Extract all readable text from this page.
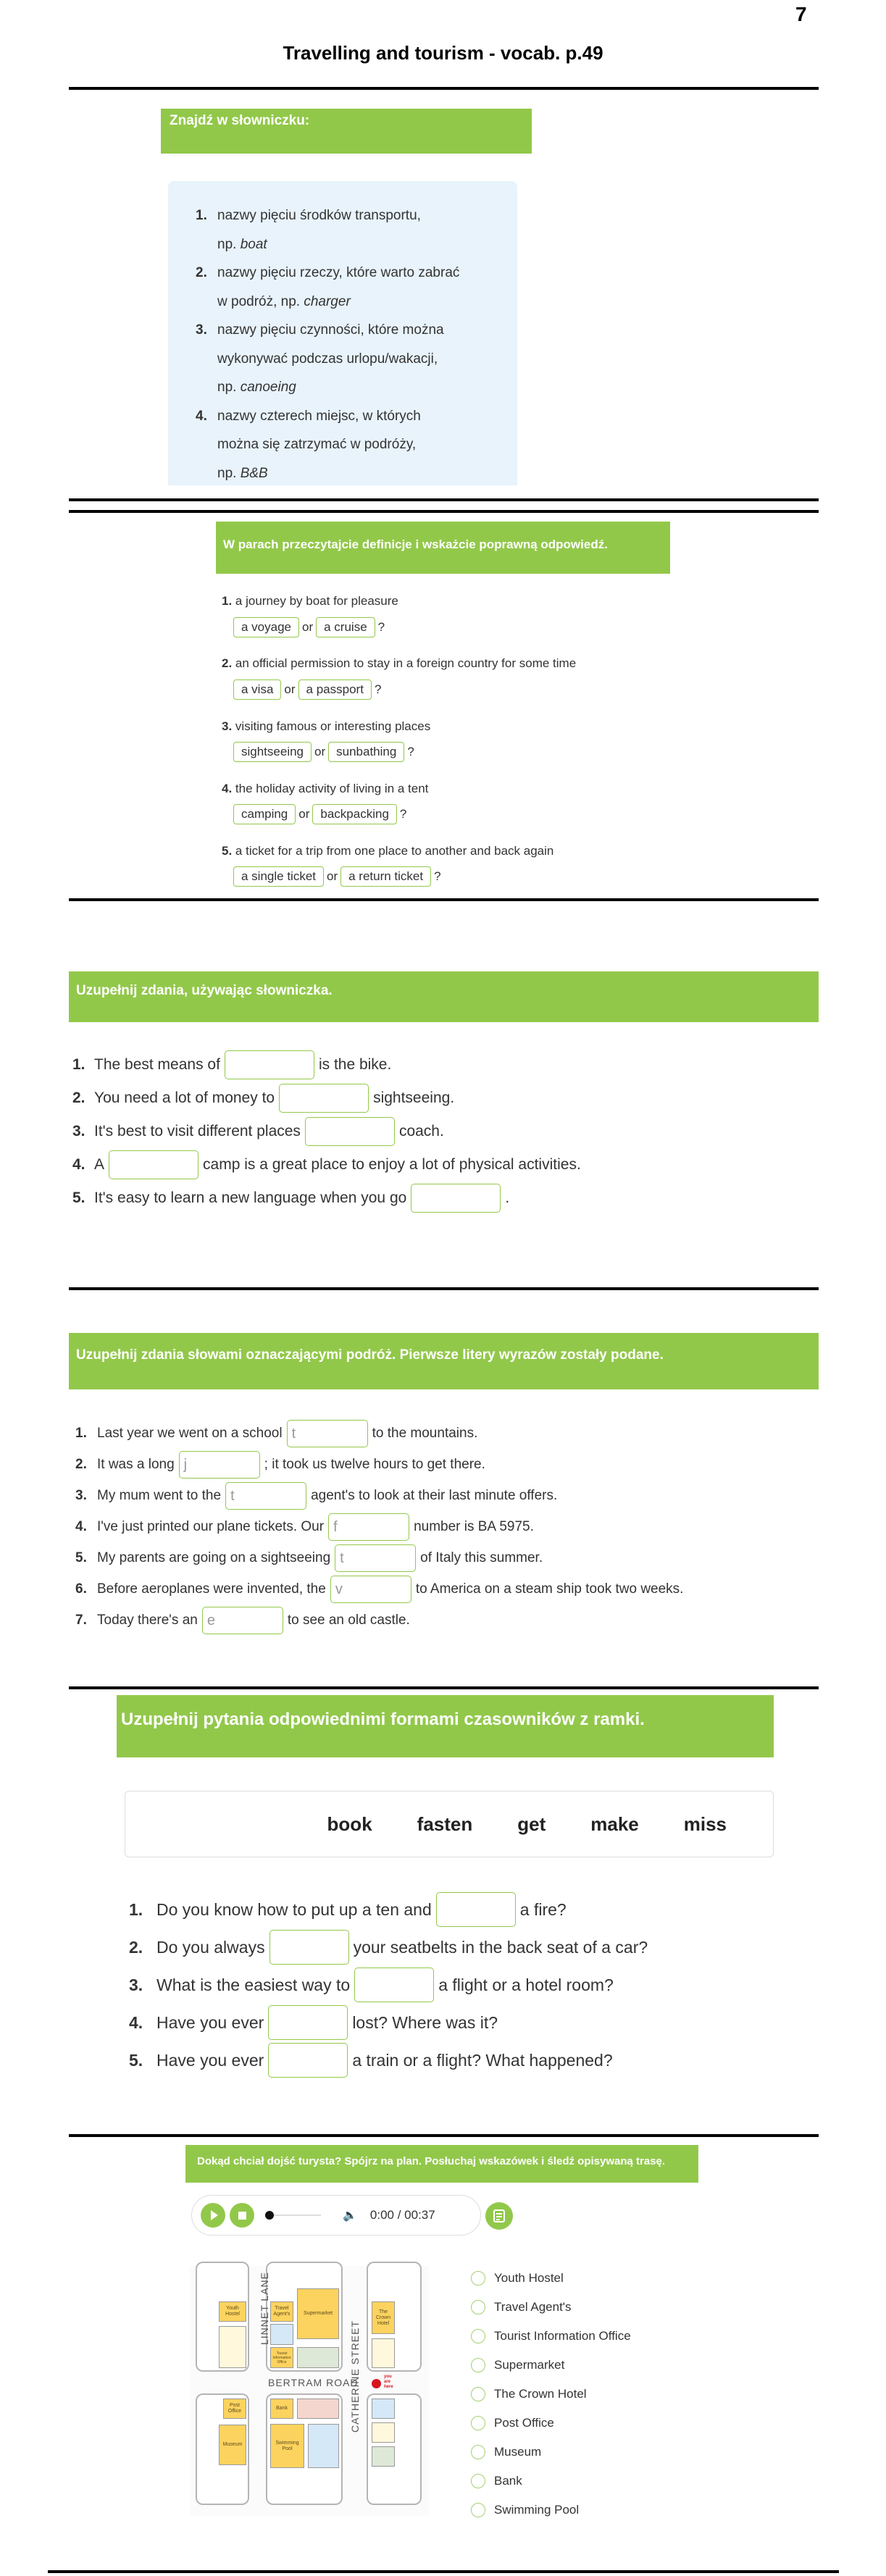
7
Travelling and tourism - vocab. p.49
Znajdź w słowniczku:
1. nazwy pięciu środków transportu,
np. boat
2. nazwy pięciu rzeczy, które warto zabrać
w podróż, np. charger
3. nazwy pięciu czynności, które można
wykonywać podczas urlopu/wakacji,
np. canoeing
4. nazwy czterech miejsc, w których
można się zatrzymać w podróży,
np. B&B
W parach przeczytajcie definicje i wskażcie poprawną odpowiedź.
1. a journey by boat for pleasure
a voyage or a cruise ?
2. an official permission to stay in a foreign country for some time
a visa or a passport ?
3. visiting famous or interesting places
sightseeing or sunbathing ?
4. the holiday activity of living in a tent
camping or backpacking ?
5. a ticket for a trip from one place to another and back again
a single ticket or a return ticket ?
Uzupełnij zdania, używając słowniczka.
1. The best means of	is the bike.
2. You need a lot of money to	sightseeing.
3. It's best to visit different places	coach.
4. A	camp is a great place to enjoy a lot of physical activities.
5. It's easy to learn a new language when you go	.
Uzupełnij zdania słowami oznaczającymi podróż. Pierwsze litery wyrazów zostały podane.
1. Last year we went on a school t	to the mountains.
2. It was a long j	; it took us twelve hours to get there.
3. My mum went to the t	agent's to look at their last minute offers.
4. I've just printed our plane tickets. Our f	number is BA 5975.
5. My parents are going on a sightseeing t	of Italy this summer.
6. Before aeroplanes were invented, the v	to America on a steam ship took two weeks.
7. Today there's an e	to see an old castle.
Uzupełnij pytania odpowiednimi formami czasowników z ramki.
book fasten get make miss
1. Do you know how to put up a ten and	a fire?
2. Do you always	your seatbelts in the back seat of a car?
3. What is the easiest way to	a flight or a hotel room?
4. Have you ever	lost? Where was it?
5. Have you ever	a train or a flight? What happened?
Dokąd chciał dojść turysta? Spójrz na plan. Posłuchaj wskazówek i śledź opisywaną trasę.
🔈 0:00 / 00:37
Youth Hostel
Travel Agent's	Supermarket
Tourist Information Office
The Crown Hotel
Post Office
Museum
Bank
Swimming Pool
BERTRAM ROAD
LINNET LANE
CATHERINE STREET	you are here
Youth Hostel
Travel Agent's
Tourist Information Office
Supermarket
The Crown Hotel
Post Office
Museum
Bank
Swimming Pool
